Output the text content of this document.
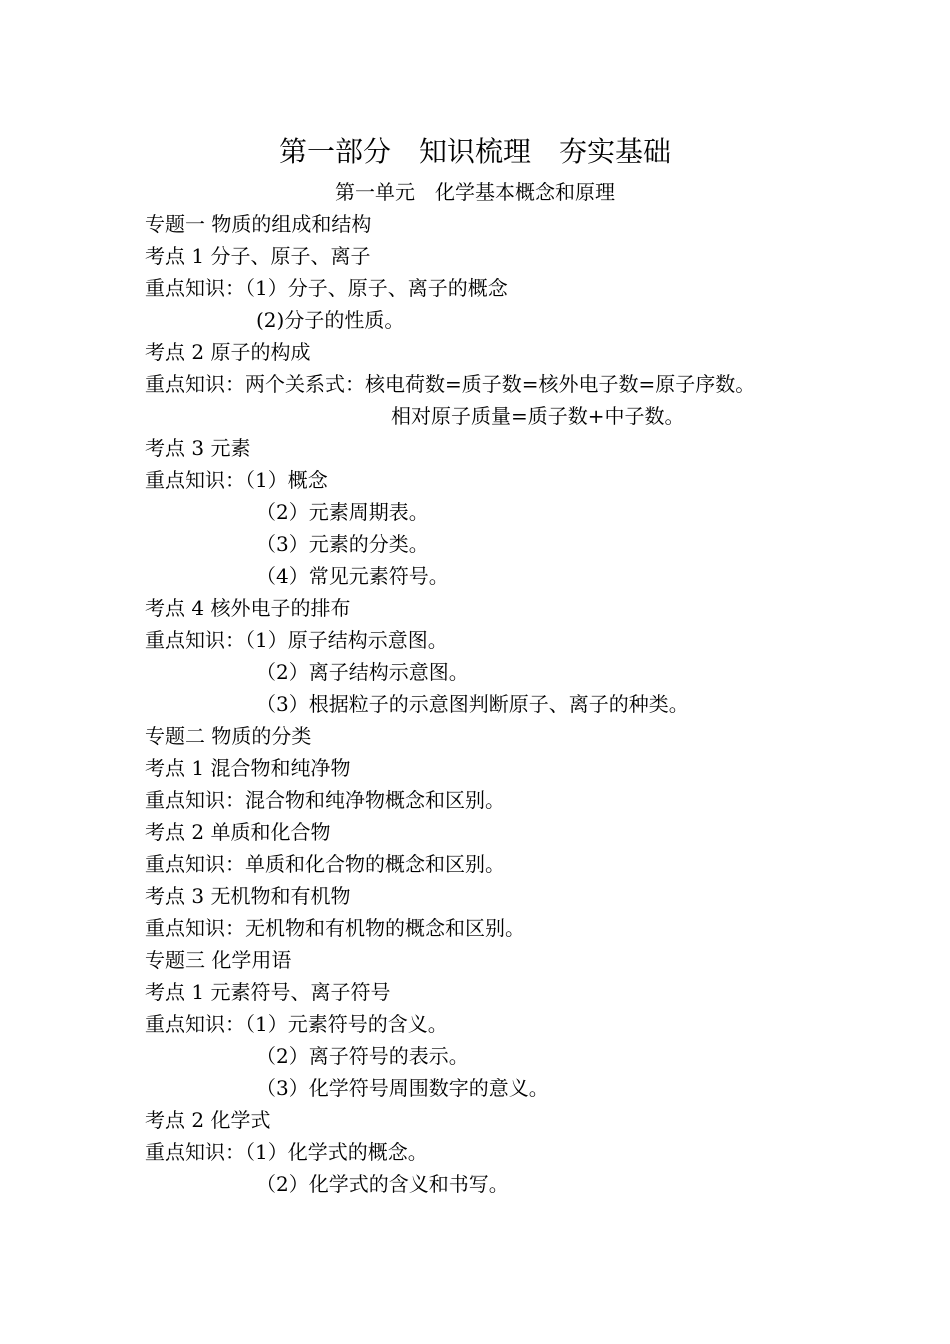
第一部分　知识梳理　夯实基础
第一单元　化学基本概念和原理
专题一 物质的组成和结构
考点 1 分子、原子、离子
重点知识：（1）分子、原子、离子的概念
(2)分子的性质。
考点 2 原子的构成
重点知识：两个关系式：核电荷数=质子数=核外电子数=原子序数。
相对原子质量=质子数+中子数。
考点 3 元素
重点知识：（1）概念
（2）元素周期表。
（3）元素的分类。
（4）常见元素符号。
考点 4 核外电子的排布
重点知识：（1）原子结构示意图。
（2）离子结构示意图。
（3）根据粒子的示意图判断原子、离子的种类。
专题二 物质的分类
考点 1 混合物和纯净物
重点知识：混合物和纯净物概念和区别。
考点 2 单质和化合物
重点知识：单质和化合物的概念和区别。
考点 3 无机物和有机物
重点知识：无机物和有机物的概念和区别。
专题三 化学用语
考点 1 元素符号、离子符号
重点知识：（1）元素符号的含义。
（2）离子符号的表示。
（3）化学符号周围数字的意义。
考点 2 化学式
重点知识：（1）化学式的概念。
（2）化学式的含义和书写。
